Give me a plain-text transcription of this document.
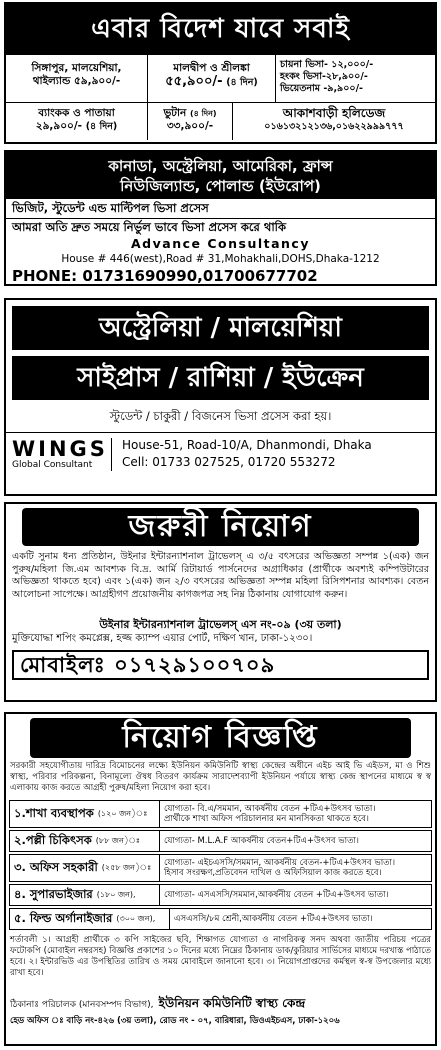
এবার বিদেশ যাবে সবাই
সিঙ্গাপুর, মালয়েশিয়া,
থাইল্যান্ড ৫৯,৯০০/-
মালদ্বীপ ও শ্রীলঙ্কা
৫৫,৯০০/- (৪ দিন)
চায়না ভিসা- ১২,০০০/-
হংকং ভিসা-২৮,৯০০/-
ভিয়েতনাম -৯,৯০০/-
ব্যাংকক ও পাতায়া
২৯,৯০০/- (৪ দিন)
ভুটান (৪ দিন)
৩৩,৯০০/-
আকাশবাড়ী হলিডেজ
০১৬১৩২১২১৩৬,০১৬২২৯৯৯৭৭৭
কানাডা, অস্ট্রেলিয়া, আমেরিকা, ফ্রান্স
নিউজিল্যান্ড, পোলান্ড (ইউরোপ)
ভিজিট, স্টুডেন্ট এন্ড মাল্টিপল ভিসা প্রসেস
আমরা অতি দ্রুত সময়ে নির্ভুল ভাবে ভিসা প্রসেস করে থাকি
Advance Consultancy
House # 446(west),Road # 31,Mohakhali,DOHS,Dhaka-1212
PHONE: 01731690990,01700677702
অস্ট্রেলিয়া / মালয়েশিয়া
সাইপ্রাস / রাশিয়া / ইউক্রেন
স্টুডেন্ট / চাকুরী / বিজনেস ভিসা প্রসেস করা হয়।
WINGS
Global Consultant
House-51, Road-10/A, Dhanmondi, Dhaka
Cell: 01733 027525, 01720 553272
জরুরী নিয়োগ
একটি সুনাম ধন্য প্রতিষ্ঠান, উইনার ইন্টারন্যাশনাল ট্রাভেলস্ এ ৩/৫ বৎসরের অভিজ্ঞতা সম্পন্ন ১(এক) জন পুরুষ/মহিলা জি.এম আবশ্যক বি.দ্র. আর্মি রিটায়ার্ড পার্সনেদের অগ্রাধিকার (প্রার্থীকে অবশ্যই কম্পিউটারের অভিজ্ঞতা থাকতে হবে) এবং ১(এক) জন ২/৩ বৎসরের অভিজ্ঞতা সম্পন্ন মহিলা রিসিপশনার আবশ্যক। বেতন আলোচনা সাপেক্ষে। আগ্রহীগণ প্রয়োজনীয় কাগজপত্র সহ নিম্ন ঠিকানায় যোগাযোগ করুন।
উইনার ইন্টারন্যাশনাল ট্রাভেলস্ এস নং-০৯ (৩য় তলা)
মুক্তিযোদ্ধা শপিং কমপ্লেক্স, হজ্জ ক্যাম্প এয়ার পোর্ট, দক্ষিণ খান, ঢাকা-১২৩০।
মোবাইলঃ ০১৭২৯১০০৭০৯
নিয়োগ বিজ্ঞপ্তি
সরকারী সহযোগীতায় দারিদ্র বিমোচনের লক্ষ্যে ইউনিয়ন কমিউনিটি স্বাস্থ্য কেন্দ্রের অধীনে এইচ আই ভি এইডস, মা ও শিশু স্বাস্থ্য, পরিবার পরিকল্পনা, বিনামূল্যে ঔষধ বিতরণ কার্যক্রম সারাদেশব্যাপী ইউনিয়ন পর্যায়ে স্বাস্থ্য কেন্দ্র স্থাপনের মাধ্যমে স্ব স্ব এলাকায় কাজ করতে আগ্রহী পুরুষ/মহিলা নিয়োগ করা হবে।
১.শাখা ব্যবস্থাপক
(১২০ জন)ঃ যোগ্যতা- বি.এ/সমমান, আকর্ষনীয় বেতন +টিএ+উৎসব ভাতা।
প্রার্থীকে শাখা অফিস পরিচালনার মন মানসিকতা থাকতে হবে।
২.পল্লী চিকিৎসক
(৮৮ জন)ঃ	যোগ্যতা- M.L.A.F আকর্ষনীয় বেতন+টিএ+উৎসব ভাতা।
৩. অফিস সহকারী
(২৫৮ জন)ঃ যোগ্যতা- এইচএসসি/সমমান, আকর্ষনীয় বেতন-+টিএ+উৎসব ভাতা।
হিসাব সংরক্ষণ,প্রতিবেদন দাখিল ও অফিসিয়াল কাজ করতে হবে।
৪. সুপারভাইজার
(১৮০ জন),	যোগ্যতা- এসএসসি/সমমান,আকর্ষনীয় বেতন +টিএ+উৎসব ভাতা।
৫. ফিল্ড অর্গানাইজার
(৩০০ জন), এসএসসি/৮ম শ্রেনী,আকর্ষনীয় বেতন +টিএ+উৎসব ভাতা।
শর্তাবলী ১। আগ্রহী প্রার্থীকে ৩ কপি সাইজের ছবি, শিক্ষাগত যোগ্যতা ও নাগরিকত্ব সনদ অথবা জাতীয় পরিচয় পত্রের ফটোকপি (মোবাইল নম্বরসহ) বিজ্ঞপ্তি প্রকাশের ১০ দিনের মধ্যে নিম্নের ঠিকানায় ডাক/কুরিয়ার সার্ভিসের মাধ্যমে দরখাস্ত পাঠাতে হবে। ২। ইন্টারভিউ এর উপস্থিতির তারিখ ও সময় মোবাইলে জানানো হবে। ৩। নিয়োগপ্রাপ্তদের কর্মস্থল স্ব-স্ব উপজেলার মধ্যে রাখা হবে।
ঠিকানাঃ পরিচালক (মানবসম্পদ বিভাগ),
ইউনিয়ন কমিউনিটি স্বাস্থ্য কেন্দ্র
হেড অফিস ঃ বাড়ি নং-৪২৬ (৩য় তলা), রোড নং - ০৭, বারিধারা, ডিওএইচএস, ঢাকা-১২০৬
